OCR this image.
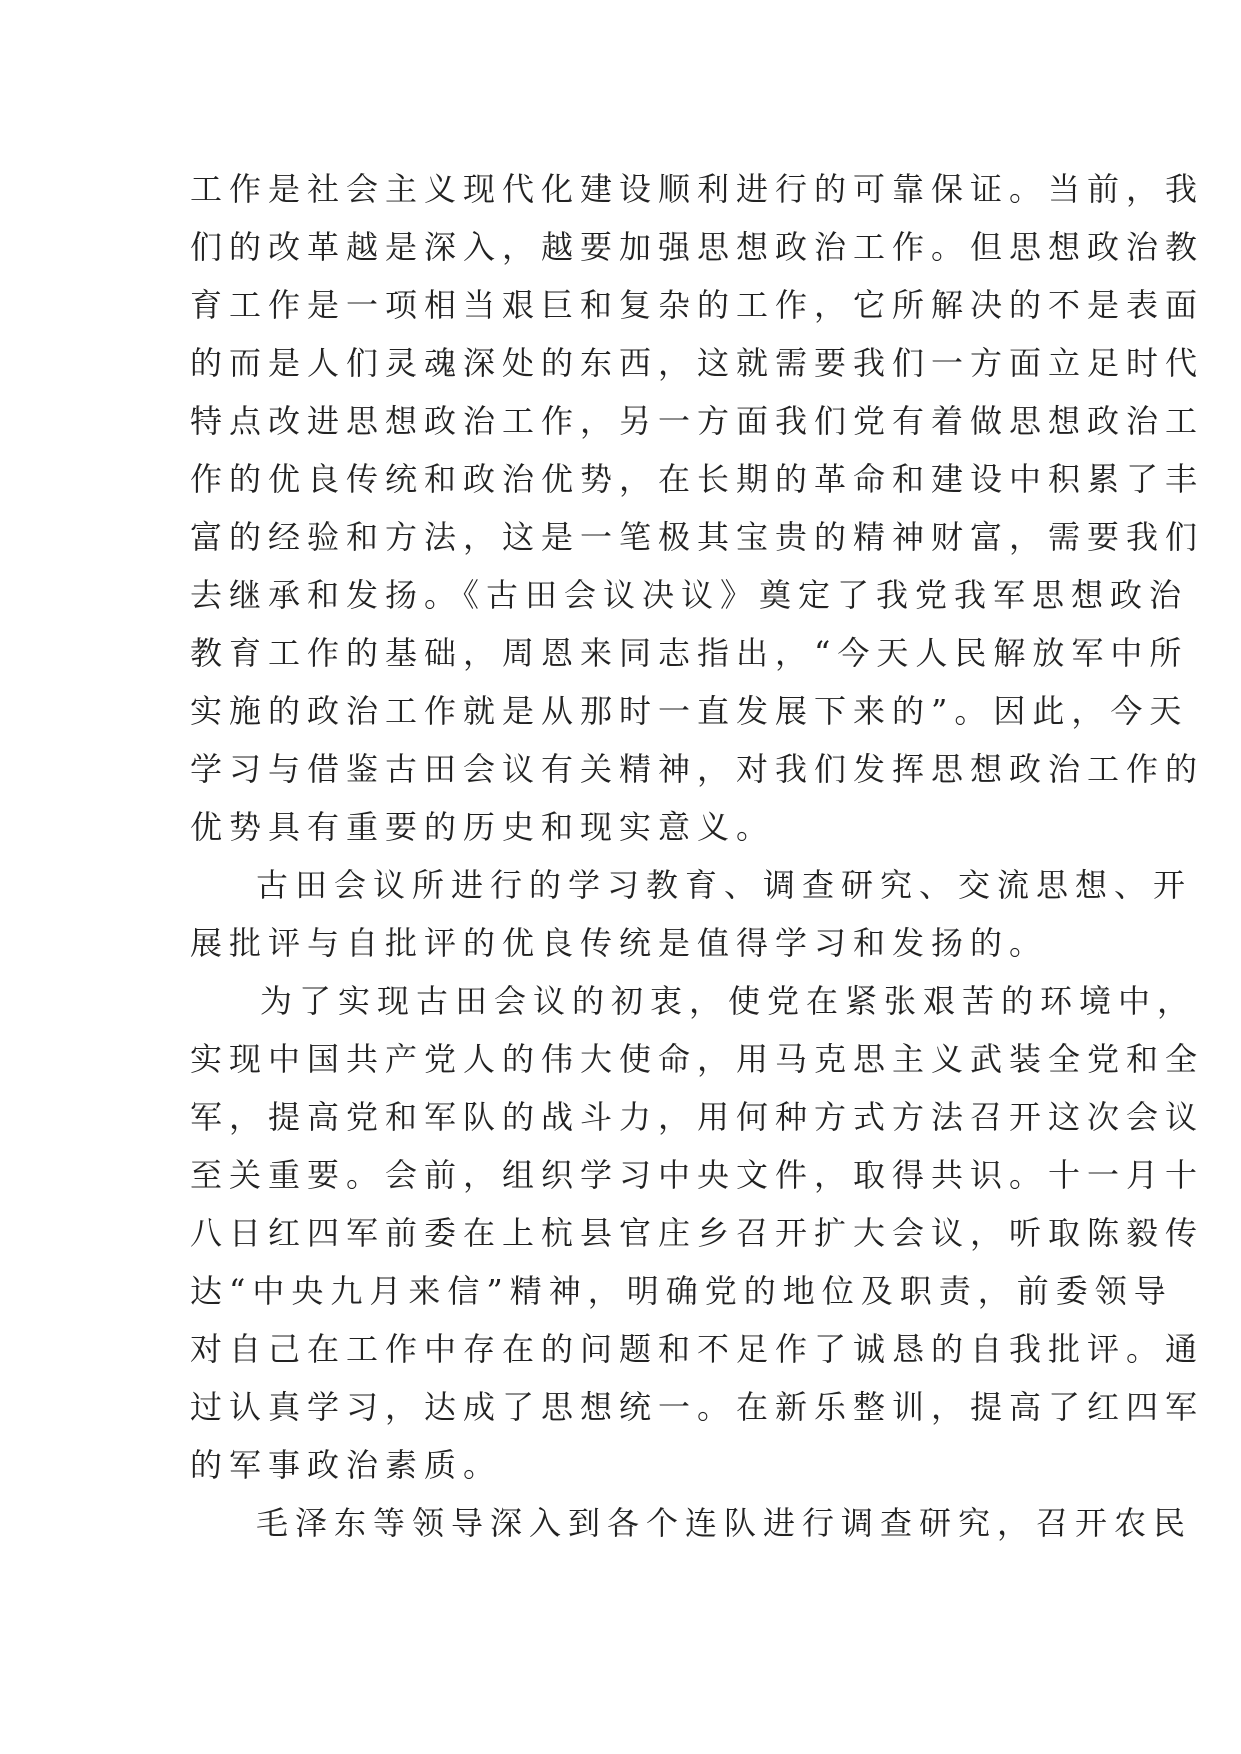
工作是社会主义现代化建设顺利进行的可靠保证。当前，我
们的改革越是深入，越要加强思想政治工作。但思想政治教
育工作是一项相当艰巨和复杂的工作，它所解决的不是表面
的而是人们灵魂深处的东西，这就需要我们一方面立足时代
特点改进思想政治工作，另一方面我们党有着做思想政治工
作的优良传统和政治优势，在长期的革命和建设中积累了丰
富的经验和方法，这是一笔极其宝贵的精神财富，需要我们
去继承和发扬。《古田会议决议》奠定了我党我军思想政治
教育工作的基础，周恩来同志指出，“今天人民解放军中所
实施的政治工作就是从那时一直发展下来的”。因此，今天
学习与借鉴古田会议有关精神，对我们发挥思想政治工作的
优势具有重要的历史和现实意义。
古田会议所进行的学习教育、调查研究、交流思想、开
展批评与自批评的优良传统是值得学习和发扬的。
为了实现古田会议的初衷，使党在紧张艰苦的环境中，
实现中国共产党人的伟大使命，用马克思主义武装全党和全
军，提高党和军队的战斗力，用何种方式方法召开这次会议
至关重要。会前，组织学习中央文件，取得共识。十一月十
八日红四军前委在上杭县官庄乡召开扩大会议，听取陈毅传
达“中央九月来信”精神，明确党的地位及职责，前委领导
对自己在工作中存在的问题和不足作了诚恳的自我批评。通
过认真学习，达成了思想统一。在新乐整训，提高了红四军
的军事政治素质。
毛泽东等领导深入到各个连队进行调查研究，召开农民
